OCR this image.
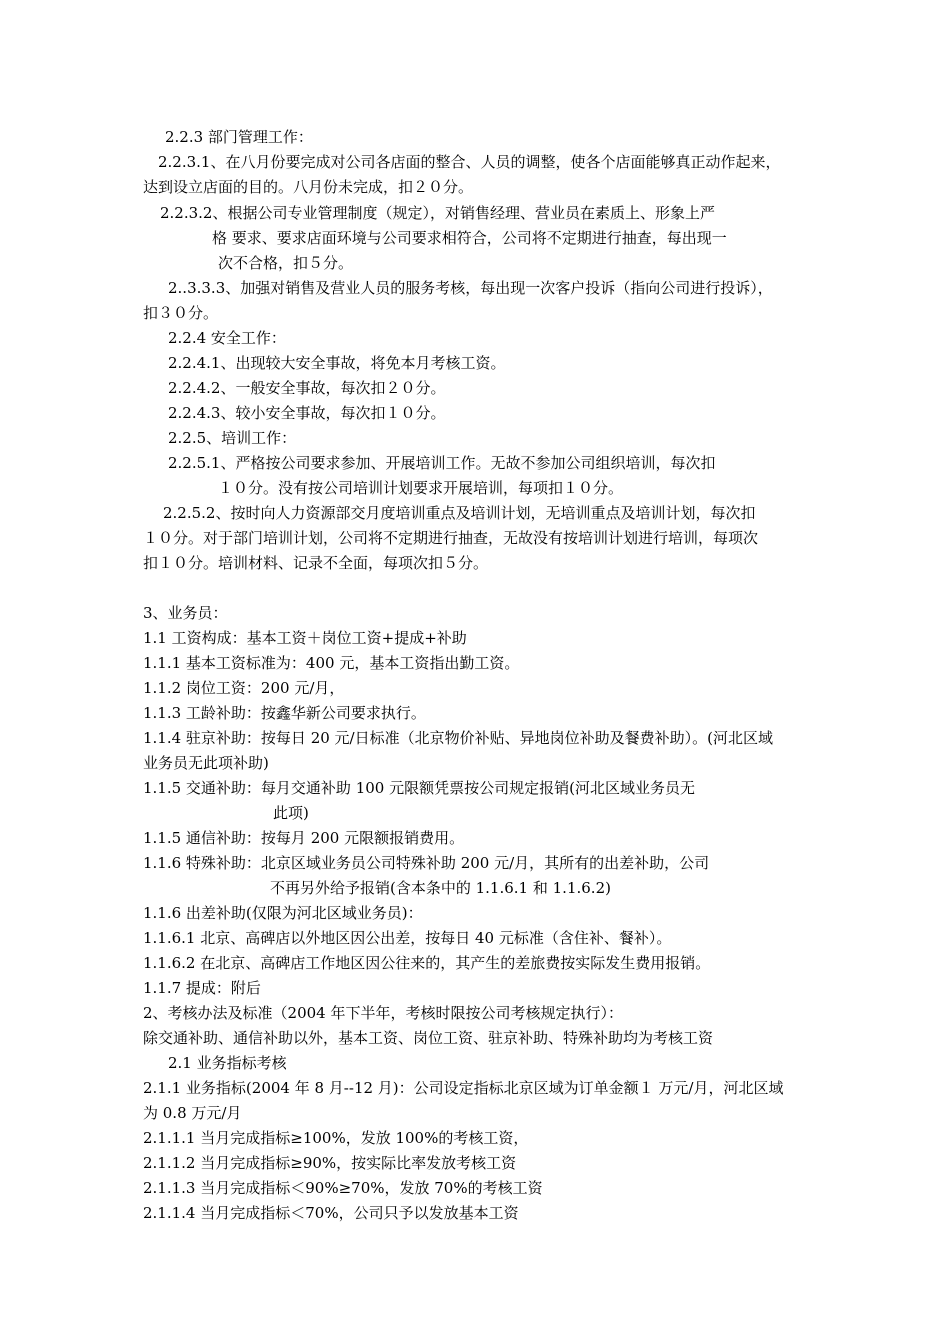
2.2.3 部门管理工作：
2.2.3.1、在八月份要完成对公司各店面的整合、人员的调整，使各个店面能够真正动作起来，
达到设立店面的目的。八月份未完成，扣２０分。
2.2.3.2、根据公司专业管理制度（规定），对销售经理、营业员在素质上、形象上严
格 要求、要求店面环境与公司要求相符合，公司将不定期进行抽查，每出现一
次不合格，扣５分。
2..3.3.3、加强对销售及营业人员的服务考核，每出现一次客户投诉（指向公司进行投诉），
扣３０分。
2.2.4 安全工作：
2.2.4.1、出现较大安全事故，将免本月考核工资。
2.2.4.2、一般安全事故，每次扣２０分。
2.2.4.3、较小安全事故，每次扣１０分。
2.2.5、培训工作：
2.2.5.1、严格按公司要求参加、开展培训工作。无故不参加公司组织培训，每次扣
１０分。没有按公司培训计划要求开展培训，每项扣１０分。
2.2.5.2、按时向人力资源部交月度培训重点及培训计划，无培训重点及培训计划，每次扣
１０分。对于部门培训计划，公司将不定期进行抽查，无故没有按培训计划进行培训，每项次
扣１０分。培训材料、记录不全面，每项次扣５分。
3、业务员：
1.1 工资构成：基本工资＋岗位工资+提成+补助
1.1.1 基本工资标准为：400 元，基本工资指出勤工资。
1.1.2 岗位工资：200 元/月，
1.1.3 工龄补助：按鑫华新公司要求执行。
1.1.4 驻京补助：按每日 20 元/日标准（北京物价补贴、异地岗位补助及餐费补助）。(河北区域
业务员无此项补助)
1.1.5 交通补助：每月交通补助 100 元限额凭票按公司规定报销(河北区域业务员无
此项)
1.1.5 通信补助：按每月 200 元限额报销费用。
1.1.6 特殊补助：北京区域业务员公司特殊补助 200 元/月，其所有的出差补助，公司
不再另外给予报销(含本条中的 1.1.6.1 和 1.1.6.2)
1.1.6 出差补助(仅限为河北区域业务员)：
1.1.6.1 北京、高碑店以外地区因公出差，按每日 40 元标准（含住补、餐补）。
1.1.6.2 在北京、高碑店工作地区因公往来的，其产生的差旅费按实际发生费用报销。
1.1.7 提成：附后
2、考核办法及标准（2004 年下半年，考核时限按公司考核规定执行）：
除交通补助、通信补助以外，基本工资、岗位工资、驻京补助、特殊补助均为考核工资
2.1 业务指标考核
2.1.1 业务指标(2004 年 8 月--12 月)：公司设定指标北京区域为订单金额１ 万元/月，河北区域
为 0.8 万元/月
2.1.1.1 当月完成指标≥100%，发放 100%的考核工资，
2.1.1.2 当月完成指标≥90%，按实际比率发放考核工资
2.1.1.3 当月完成指标＜90%≥70%，发放 70%的考核工资
2.1.1.4 当月完成指标＜70%，公司只予以发放基本工资
